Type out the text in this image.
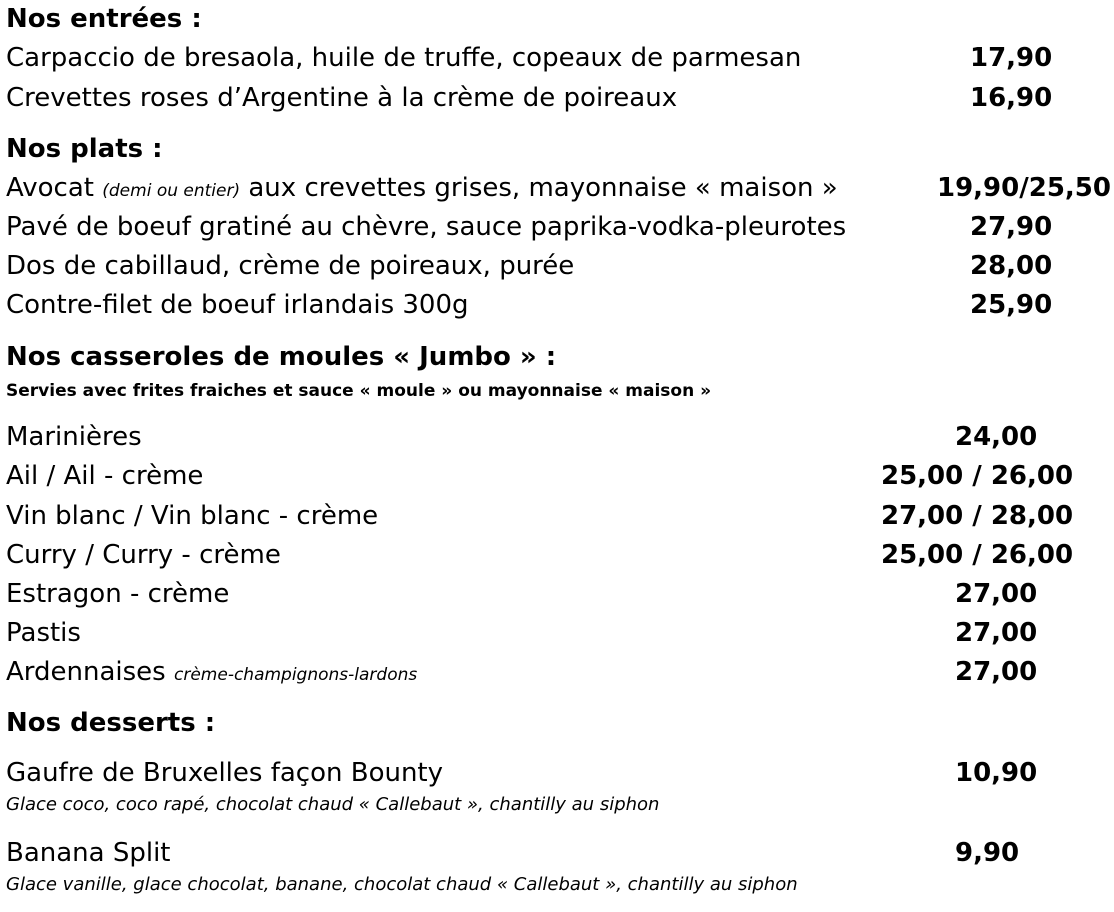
Nos entrées :
Carpaccio de bresaola, huile de truffe, copeaux de parmesan	17,90
Crevettes roses d’Argentine à la crème de poireaux	16,90
Nos plats :
Avocat (demi ou entier) aux crevettes grises, mayonnaise « maison »	19,90/25,50
Pavé de boeuf gratiné au chèvre, sauce paprika-vodka-pleurotes	27,90
Dos de cabillaud, crème de poireaux, purée	28,00
Contre-filet de boeuf irlandais 300g	25,90
Nos casseroles de moules « Jumbo » :
Servies avec frites fraiches et sauce « moule » ou mayonnaise « maison »
Marinières	24,00
Ail / Ail - crème	25,00 / 26,00
Vin blanc / Vin blanc - crème	27,00 / 28,00
Curry / Curry - crème	25,00 / 26,00
Estragon - crème	27,00
Pastis	27,00
Ardennaises crème-champignons-lardons	27,00
Nos desserts :
Gaufre de Bruxelles façon Bounty	10,90
Glace coco, coco rapé, chocolat chaud « Callebaut », chantilly au siphon
Banana Split	9,90
Glace vanille, glace chocolat, banane, chocolat chaud « Callebaut », chantilly au siphon
